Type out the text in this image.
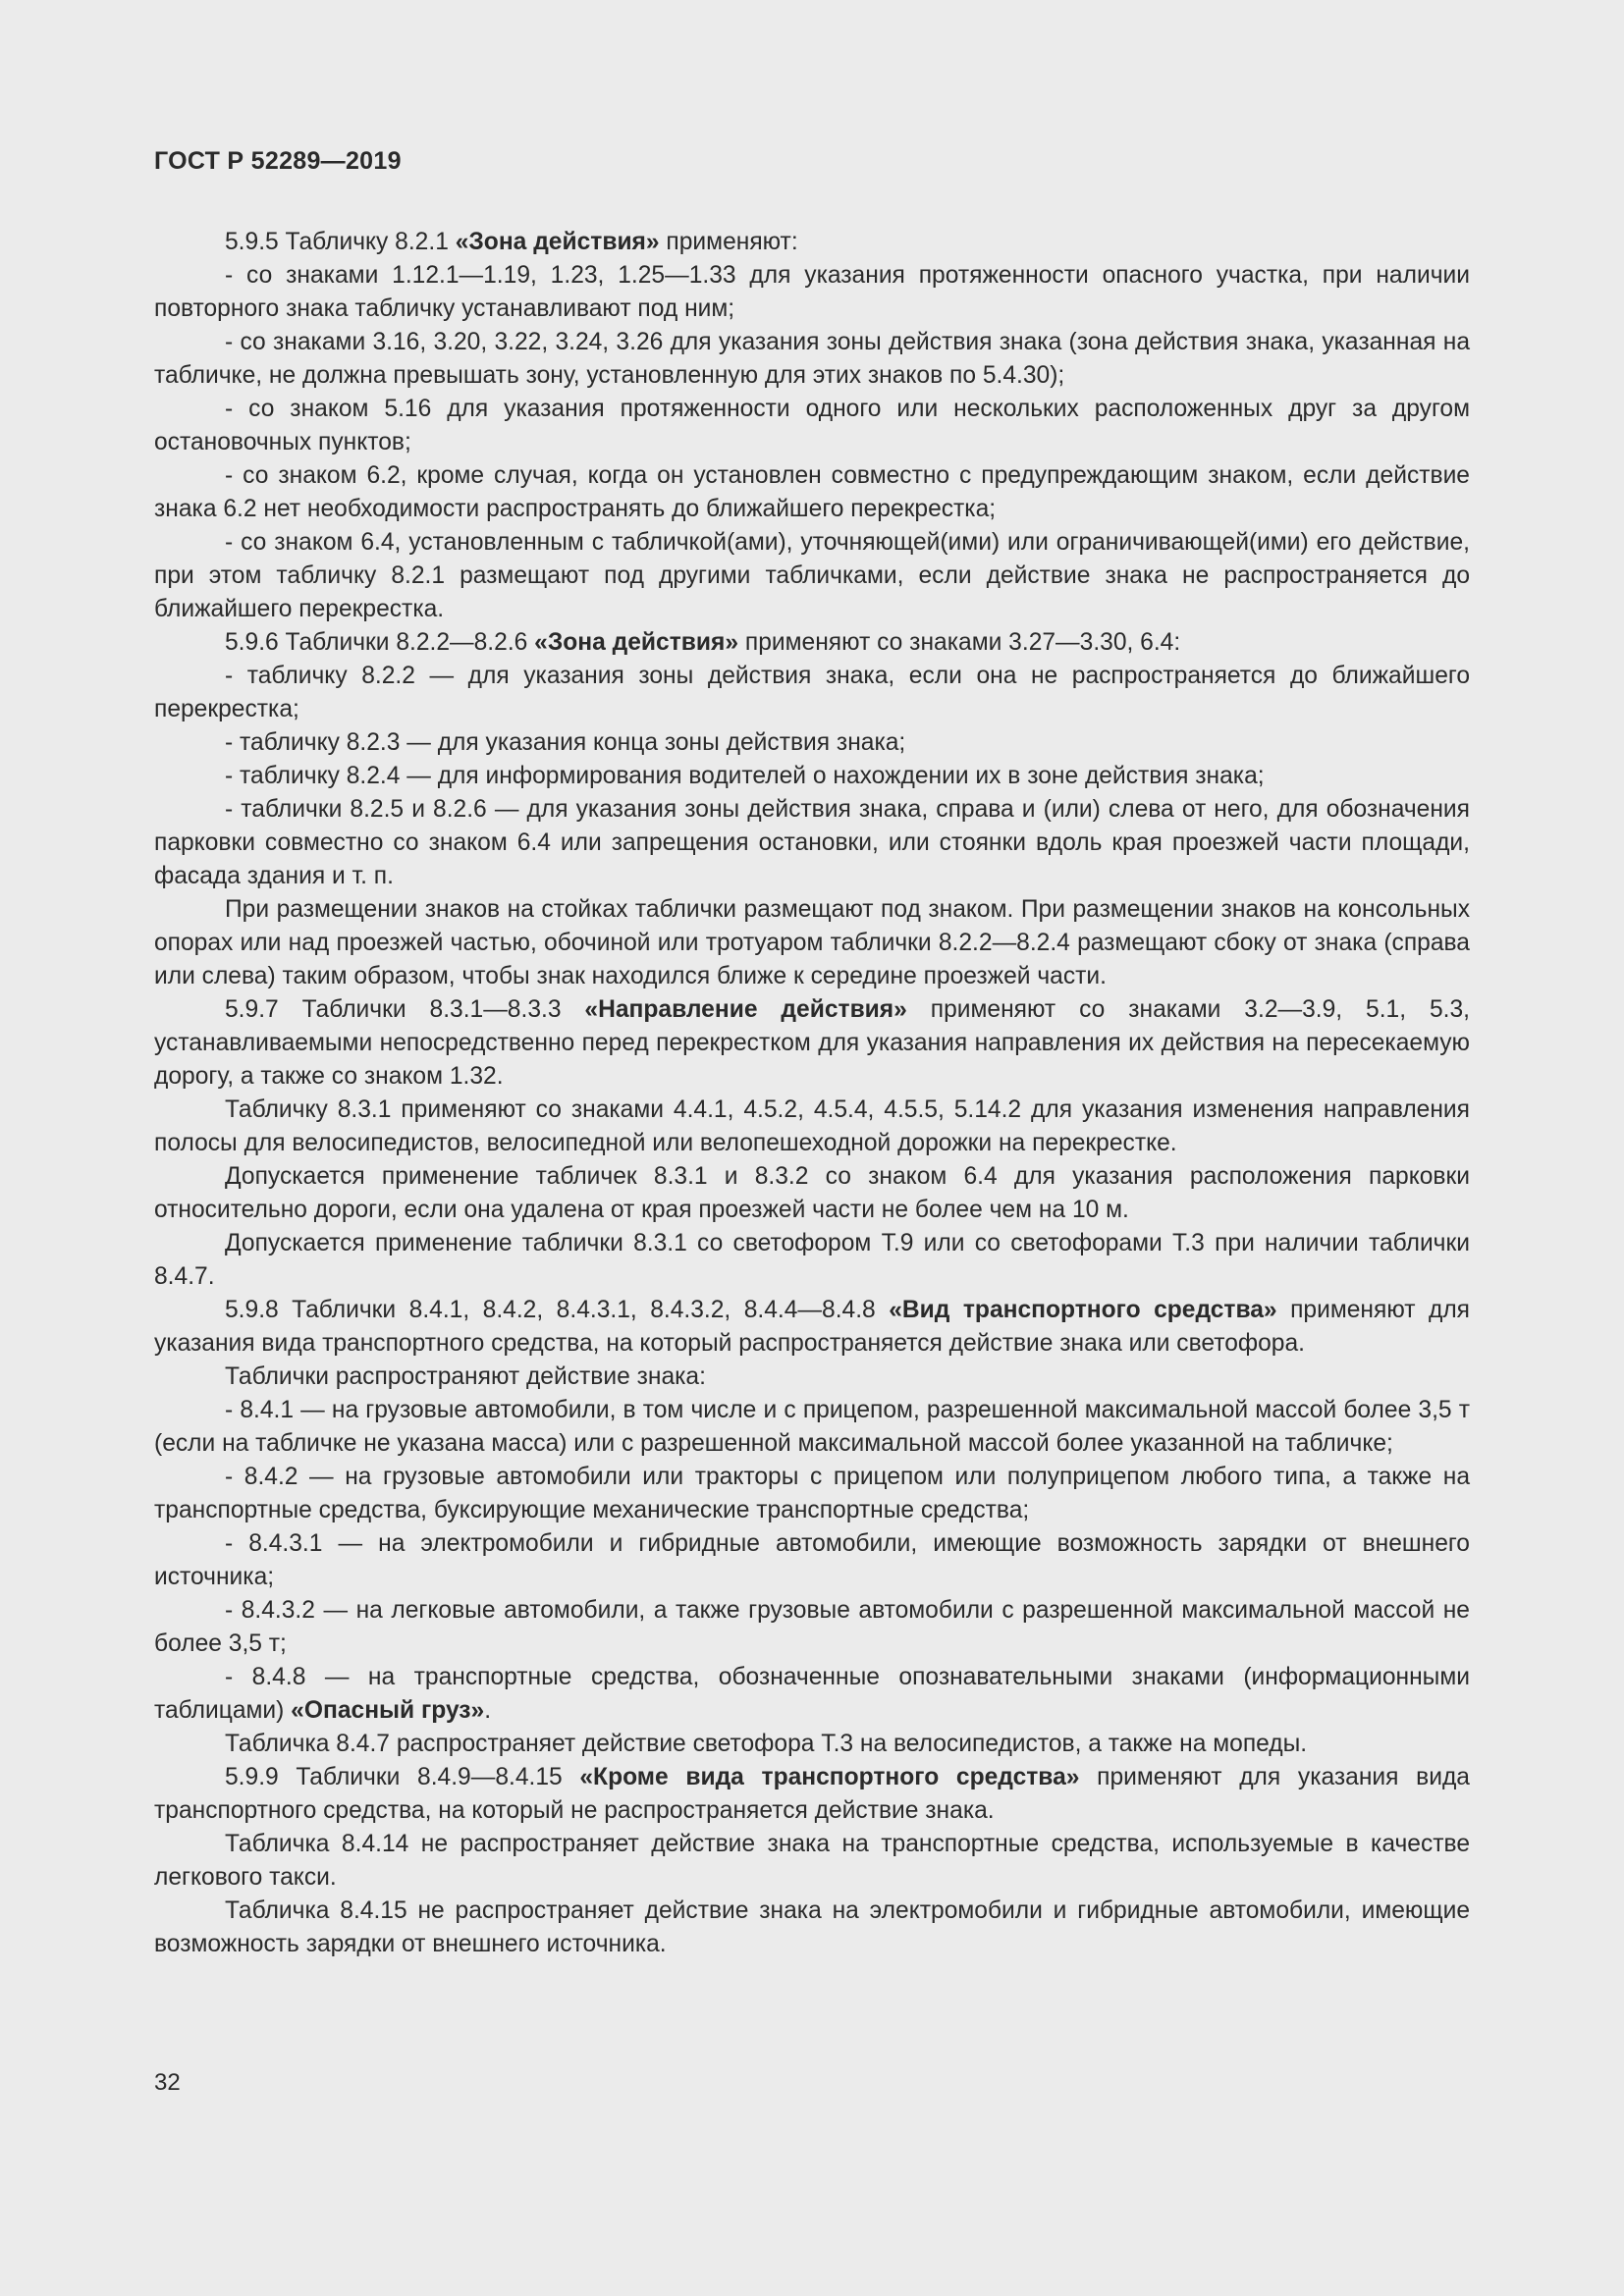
ГОСТ Р 52289—2019

5.9.5 Табличку 8.2.1 «Зона действия» применяют:

- со знаками 1.12.1—1.19, 1.23, 1.25—1.33 для указания протяженности опасного участка, при наличии повторного знака табличку устанавливают под ним;

- со знаками 3.16, 3.20, 3.22, 3.24, 3.26 для указания зоны действия знака (зона действия знака, указанная на табличке, не должна превышать зону, установленную для этих знаков по 5.4.30);

- со знаком 5.16 для указания протяженности одного или нескольких расположенных друг за другом остановочных пунктов;

- со знаком 6.2, кроме случая, когда он установлен совместно с предупреждающим знаком, если действие знака 6.2 нет необходимости распространять до ближайшего перекрестка;

- со знаком 6.4, установленным с табличкой(ами), уточняющей(ими) или ограничивающей(ими) его действие, при этом табличку 8.2.1 размещают под другими табличками, если действие знака не распространяется до ближайшего перекрестка.

5.9.6 Таблички 8.2.2—8.2.6 «Зона действия» применяют со знаками 3.27—3.30, 6.4:

- табличку 8.2.2 — для указания зоны действия знака, если она не распространяется до ближайшего перекрестка;

- табличку 8.2.3 — для указания конца зоны действия знака;

- табличку 8.2.4 — для информирования водителей о нахождении их в зоне действия знака;

- таблички 8.2.5 и 8.2.6 — для указания зоны действия знака, справа и (или) слева от него, для обозначения парковки совместно со знаком 6.4 или запрещения остановки, или стоянки вдоль края проезжей части площади, фасада здания и т. п.

При размещении знаков на стойках таблички размещают под знаком. При размещении знаков на консольных опорах или над проезжей частью, обочиной или тротуаром таблички 8.2.2—8.2.4 размещают сбоку от знака (справа или слева) таким образом, чтобы знак находился ближе к середине проезжей части.

5.9.7 Таблички 8.3.1—8.3.3 «Направление действия» применяют со знаками 3.2—3.9, 5.1, 5.3, устанавливаемыми непосредственно перед перекрестком для указания направления их действия на пересекаемую дорогу, а также со знаком 1.32.

Табличку 8.3.1 применяют со знаками 4.4.1, 4.5.2, 4.5.4, 4.5.5, 5.14.2 для указания изменения направления полосы для велосипедистов, велосипедной или велопешеходной дорожки на перекрестке.

Допускается применение табличек 8.3.1 и 8.3.2 со знаком 6.4 для указания расположения парковки относительно дороги, если она удалена от края проезжей части не более чем на 10 м.

Допускается применение таблички 8.3.1 со светофором Т.9 или со светофорами Т.3 при наличии таблички 8.4.7.

5.9.8 Таблички 8.4.1, 8.4.2, 8.4.3.1, 8.4.3.2, 8.4.4—8.4.8 «Вид транспортного средства» применяют для указания вида транспортного средства, на который распространяется действие знака или светофора.

Таблички распространяют действие знака:

- 8.4.1 — на грузовые автомобили, в том числе и с прицепом, разрешенной максимальной массой более 3,5 т (если на табличке не указана масса) или с разрешенной максимальной массой более указанной на табличке;

- 8.4.2 — на грузовые автомобили или тракторы с прицепом или полуприцепом любого типа, а также на транспортные средства, буксирующие механические транспортные средства;

- 8.4.3.1 — на электромобили и гибридные автомобили, имеющие возможность зарядки от внешнего источника;

- 8.4.3.2 — на легковые автомобили, а также грузовые автомобили с разрешенной максимальной массой не более 3,5 т;

- 8.4.8 — на транспортные средства, обозначенные опознавательными знаками (информационными таблицами) «Опасный груз».

Табличка 8.4.7 распространяет действие светофора Т.3 на велосипедистов, а также на мопеды.

5.9.9 Таблички 8.4.9—8.4.15 «Кроме вида транспортного средства» применяют для указания вида транспортного средства, на который не распространяется действие знака.

Табличка 8.4.14 не распространяет действие знака на транспортные средства, используемые в качестве легкового такси.

Табличка 8.4.15 не распространяет действие знака на электромобили и гибридные автомобили, имеющие возможность зарядки от внешнего источника.

32
